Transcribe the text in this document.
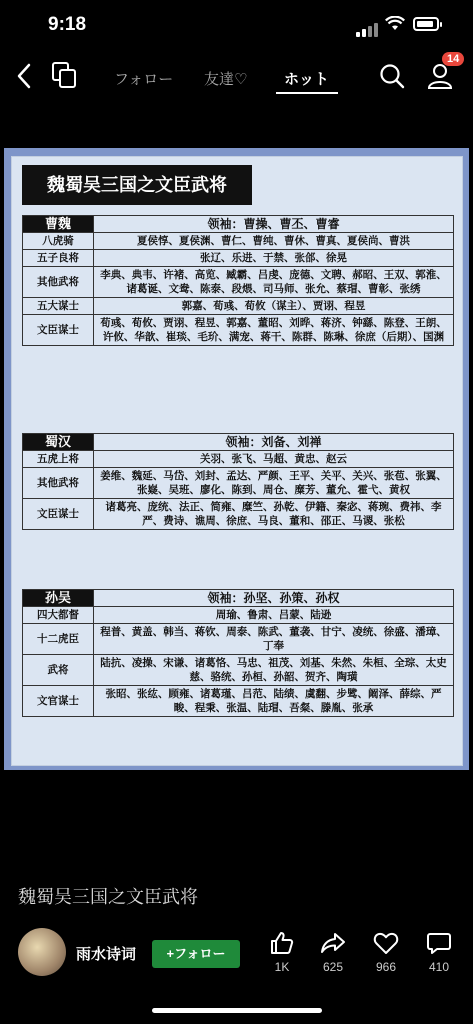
9:18
フォロー 友達♡ ホット
14
魏蜀吴三国之文臣武将
曹魏	领袖：曹操、曹丕、曹睿
八虎骑	夏侯惇、夏侯渊、曹仁、曹纯、曹休、曹真、夏侯尚、曹洪
五子良将	张辽、乐进、于禁、张郃、徐晃
其他武将	李典、典韦、许褚、高览、臧霸、吕虔、庞德、文聘、郝昭、王双、郭淮、诸葛诞、文鸯、陈泰、段煨、司马师、张允、蔡瑁、曹彰、张绣
五大谋士	郭嘉、荀彧、荀攸（谋主）、贾诩、程昱
文臣谋士	荀彧、荀攸、贾诩、程昱、郭嘉、董昭、刘晔、蒋济、钟繇、陈登、王朗、许攸、华歆、崔琰、毛玠、满宠、蒋干、陈群、陈琳、徐庶（后期）、国渊
蜀汉	领袖：刘备、刘禅
五虎上将	关羽、张飞、马超、黄忠、赵云
其他武将	姜维、魏延、马岱、刘封、孟达、严颜、王平、关平、关兴、张苞、张翼、张嶷、吴班、廖化、陈到、周仓、糜芳、董允、霍弋、黄权
文臣谋士	诸葛亮、庞统、法正、简雍、糜竺、孙乾、伊籍、秦宓、蒋琬、费祎、李严、费诗、谯周、徐庶、马良、董和、邵正、马谡、张松
孙吴	领袖：孙坚、孙策、孙权
四大都督	周瑜、鲁肃、吕蒙、陆逊
十二虎臣	程普、黄盖、韩当、蒋钦、周泰、陈武、董袭、甘宁、凌统、徐盛、潘璋、丁奉
武将	陆抗、凌操、宋谦、诸葛恪、马忠、祖茂、刘基、朱然、朱桓、全琮、太史慈、骆统、孙桓、孙韶、贺齐、陶璜
文官谋士	张昭、张纮、顾雍、诸葛瑾、吕范、陆绩、虞翻、步骘、阚泽、薛综、严畯、程秉、张温、陆瑁、吾粲、滕胤、张承
魏蜀吴三国之文臣武将
雨水诗词	+フォロー
1K	625	966	410
